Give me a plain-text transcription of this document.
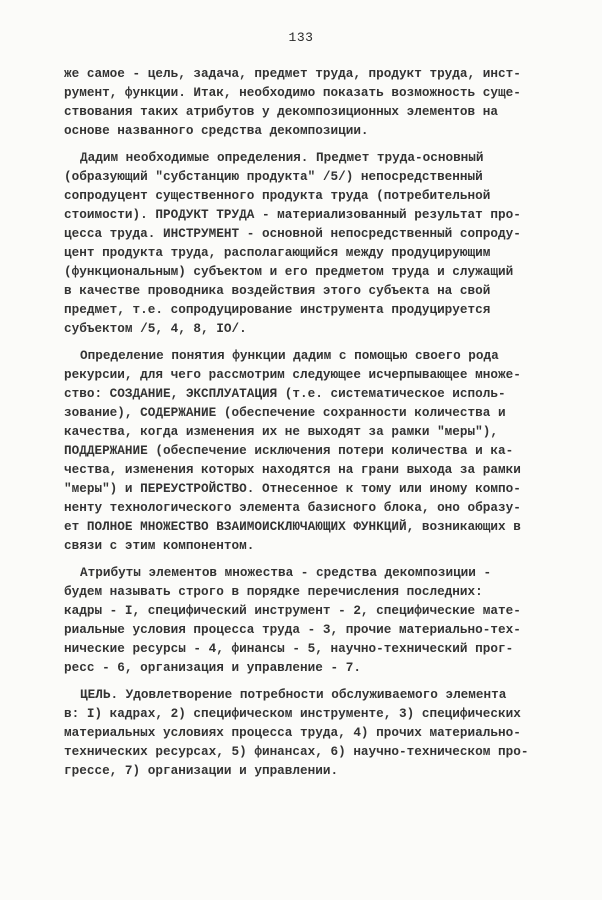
133
же самое - цель, задача, предмет труда, продукт труда, инст-
румент, функции. Итак, необходимо показать возможность суще-
ствования таких атрибутов у декомпозиционных элементов на
основе названного средства декомпозиции.
Дадим необходимые определения. Предмет труда-основный
(образующий "субстанцию продукта" /5/) непосредственный
сопродуцент существенного продукта труда (потребительной
стоимости). ПРОДУКТ ТРУДА - материализованный результат про-
цесса труда. ИНСТРУМЕНТ - основной непосредственный сопроду-
цент продукта труда, располагающийся между продуцирующим
(функциональным) субъектом и его предметом труда и служащий
в качестве проводника воздействия этого субъекта на свой
предмет, т.е. сопродуцирование инструмента продуцируется
субъектом /5, 4, 8, IO/.
Определение понятия функции дадим с помощью своего рода
рекурсии, для чего рассмотрим следующее исчерпывающее множе-
ство: СОЗДАНИЕ, ЭКСПЛУАТАЦИЯ (т.е. систематическое исполь-
зование), СОДЕРЖАНИЕ (обеспечение сохранности количества и
качества, когда изменения их не выходят за рамки "меры"),
ПОДДЕРЖАНИЕ (обеспечение исключения потери количества и ка-
чества, изменения которых находятся на грани выхода за рамки
"меры") и ПЕРЕУСТРОЙСТВО. Отнесенное к тому или иному компо-
ненту технологического элемента базисного блока, оно образу-
ет ПОЛНОЕ МНОЖЕСТВО ВЗАИМОИСКЛЮЧАЮЩИХ ФУНКЦИЙ, возникающих в
связи с этим компонентом.
Атрибуты элементов множества - средства декомпозиции -
будем называть строго в порядке перечисления последних:
кадры - I, специфический инструмент - 2, специфические мате-
риальные условия процесса труда - 3, прочие материально-тех-
нические ресурсы - 4, финансы - 5, научно-технический прог-
ресс - 6, организация и управление - 7.
ЦЕЛЬ. Удовлетворение потребности обслуживаемого элемента
в: I) кадрах, 2) специфическом инструменте, 3) специфических
материальных условиях процесса труда, 4) прочих материально-
технических ресурсах, 5) финансах, 6) научно-техническом про-
грессе, 7) организации и управлении.
